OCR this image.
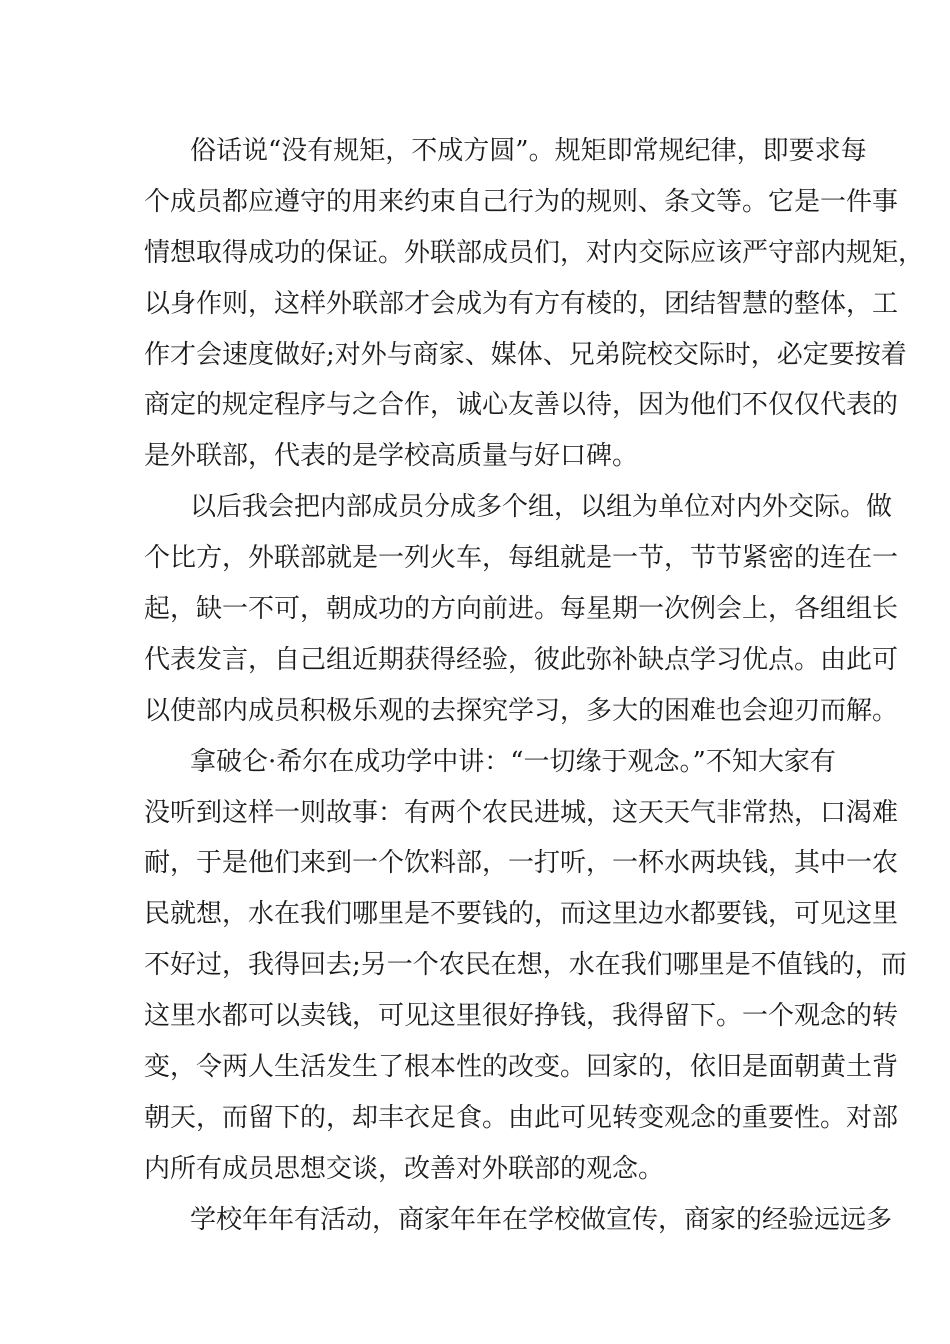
俗话说“没有规矩，不成方圆”。规矩即常规纪律，即要求每
个成员都应遵守的用来约束自己行为的规则、条文等。它是一件事
情想取得成功的保证。外联部成员们，对内交际应该严守部内规矩，
以身作则，这样外联部才会成为有方有棱的，团结智慧的整体，工
作才会速度做好;对外与商家、媒体、兄弟院校交际时，必定要按着
商定的规定程序与之合作，诚心友善以待，因为他们不仅仅代表的
是外联部，代表的是学校高质量与好口碑。
以后我会把内部成员分成多个组，以组为单位对内外交际。做
个比方，外联部就是一列火车，每组就是一节，节节紧密的连在一
起，缺一不可，朝成功的方向前进。每星期一次例会上，各组组长
代表发言，自己组近期获得经验，彼此弥补缺点学习优点。由此可
以使部内成员积极乐观的去探究学习，多大的困难也会迎刃而解。
拿破仑·希尔在成功学中讲：“一切缘于观念。”不知大家有
没听到这样一则故事：有两个农民进城，这天天气非常热，口渴难
耐，于是他们来到一个饮料部，一打听，一杯水两块钱，其中一农
民就想，水在我们哪里是不要钱的，而这里边水都要钱，可见这里
不好过，我得回去;另一个农民在想，水在我们哪里是不值钱的，而
这里水都可以卖钱，可见这里很好挣钱，我得留下。一个观念的转
变，令两人生活发生了根本性的改变。回家的，依旧是面朝黄土背
朝天，而留下的，却丰衣足食。由此可见转变观念的重要性。对部
内所有成员思想交谈，改善对外联部的观念。
学校年年有活动，商家年年在学校做宣传，商家的经验远远多
